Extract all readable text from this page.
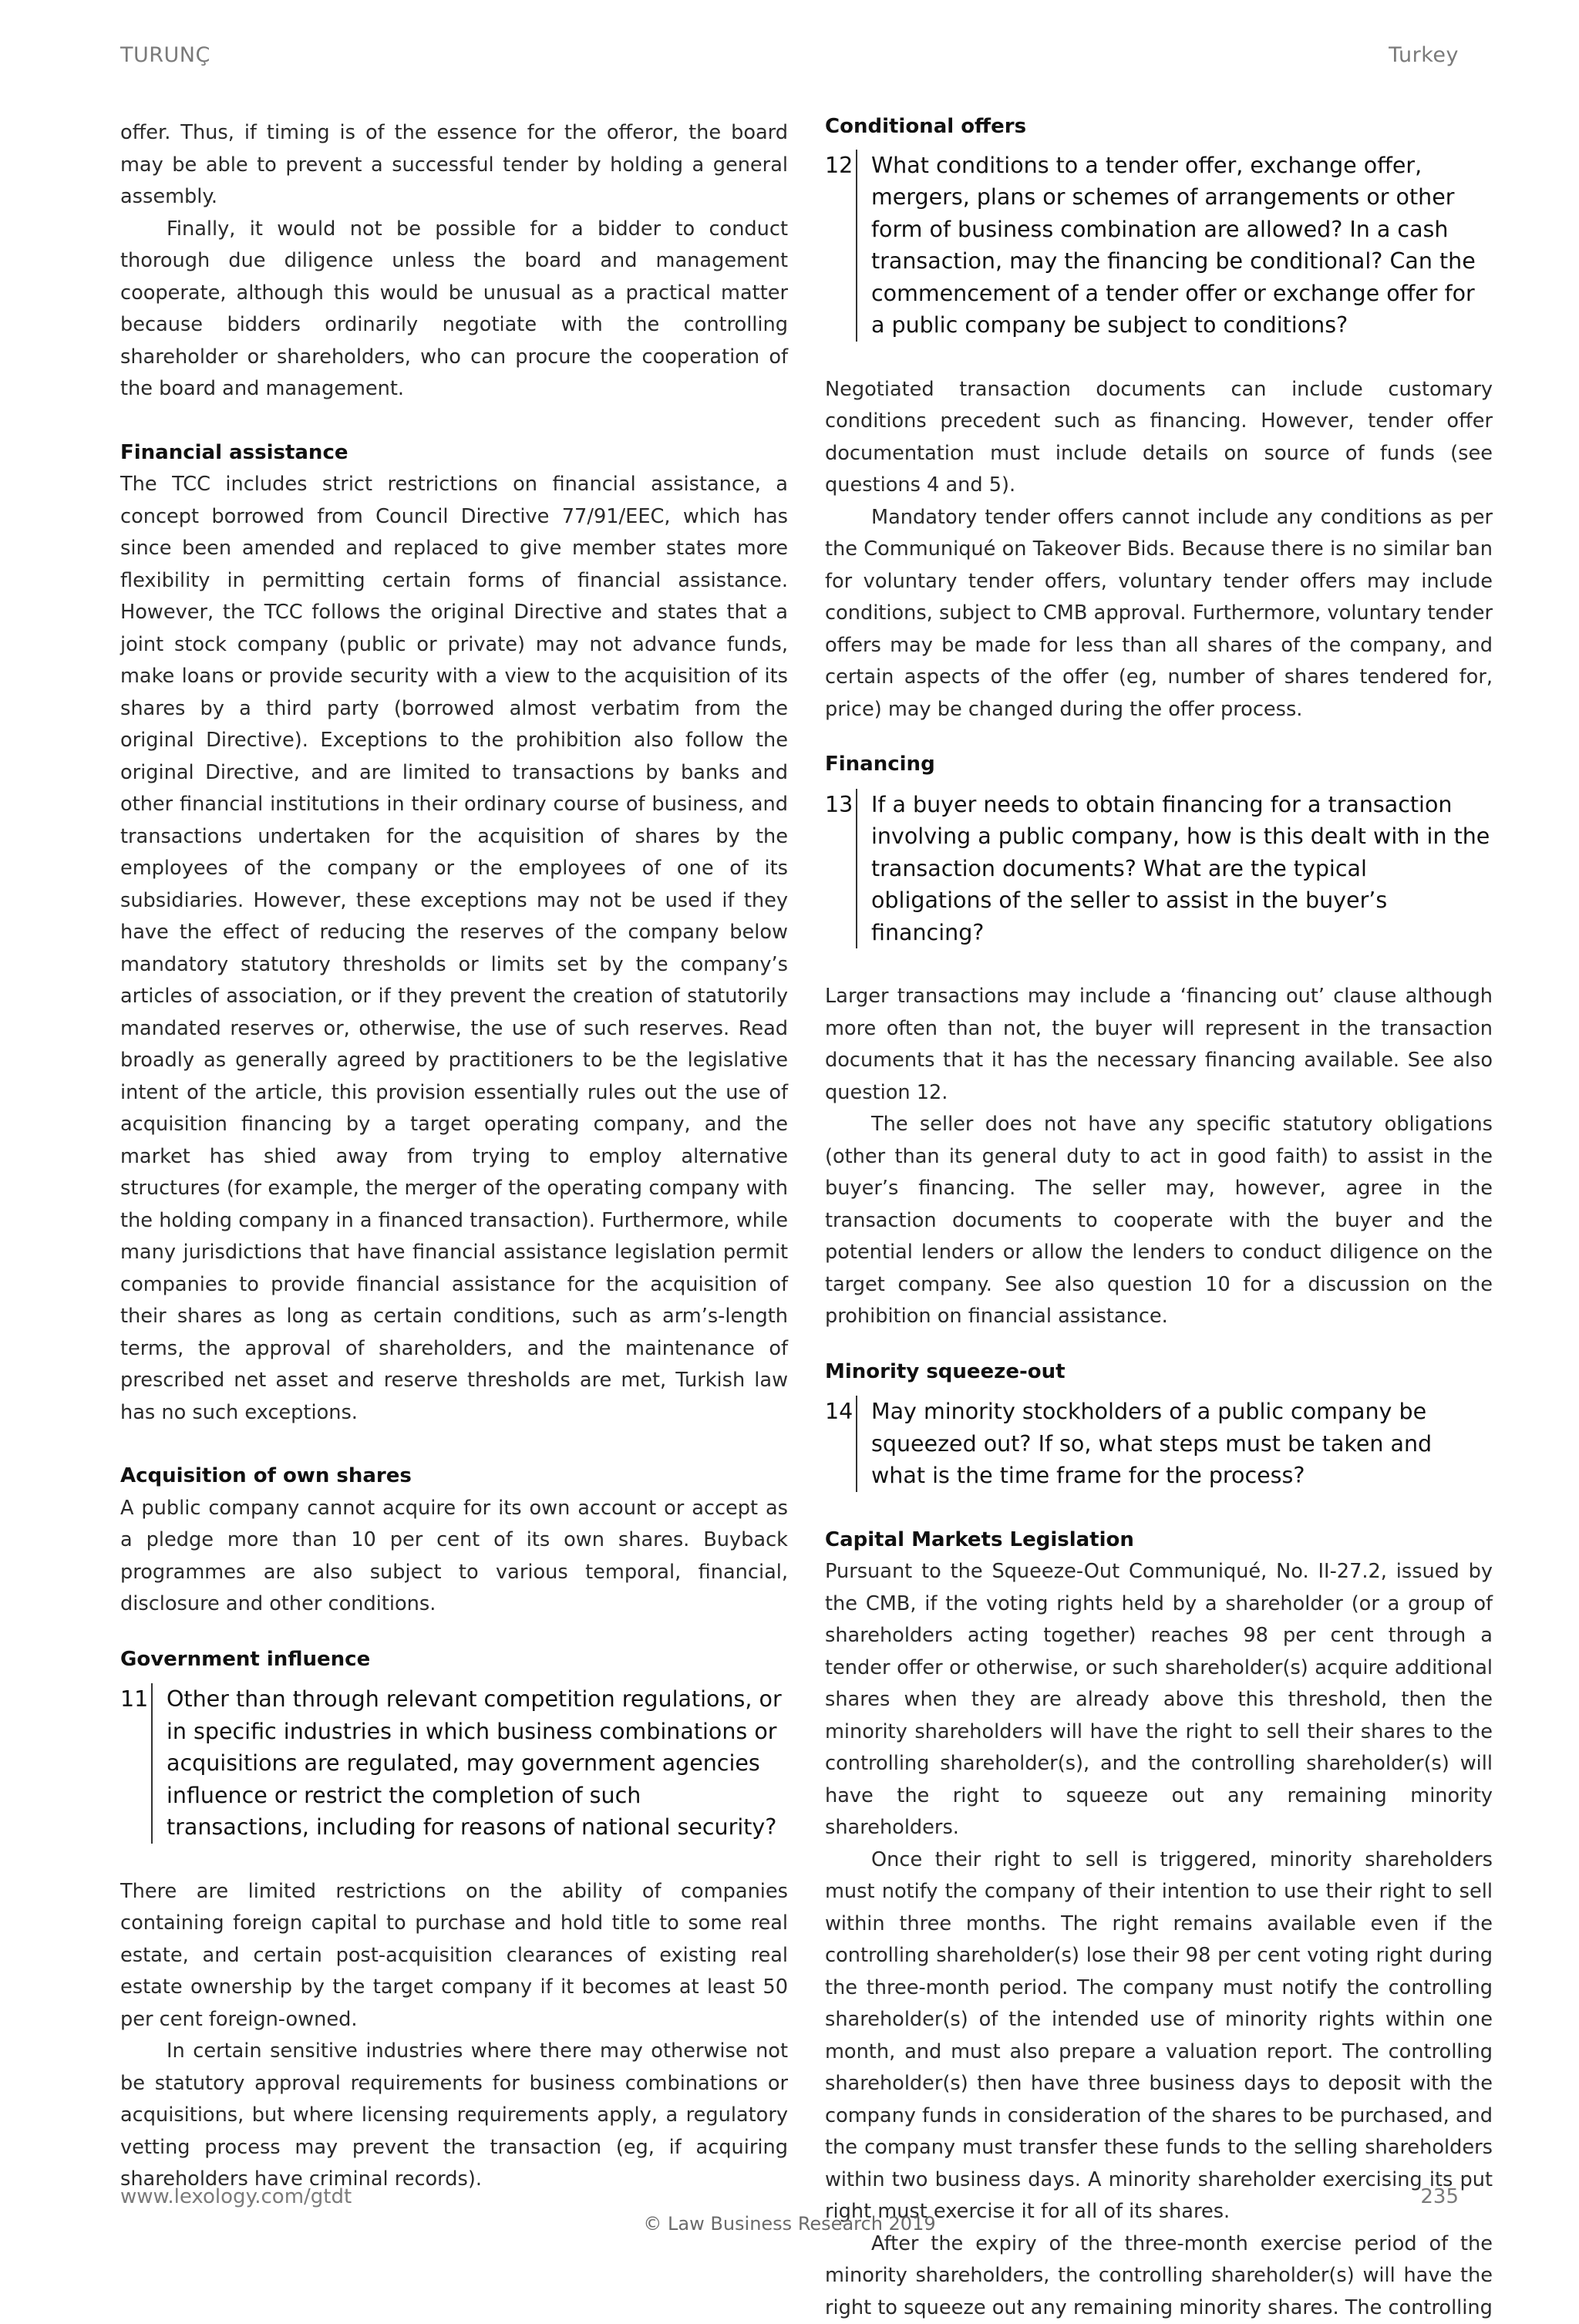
TURUNÇ	Turkey

offer. Thus, if timing is of the essence for the offeror, the board may be able to prevent a successful tender by holding a general assembly.

Finally, it would not be possible for a bidder to conduct thorough due diligence unless the board and management cooperate, although this would be unusual as a practical matter because bidders ordinarily negotiate with the controlling shareholder or shareholders, who can procure the cooperation of the board and management.

Financial assistance

The TCC includes strict restrictions on financial assistance, a concept borrowed from Council Directive 77/91/EEC, which has since been amended and replaced to give member states more flexibility in permitting certain forms of financial assistance. However, the TCC follows the original Directive and states that a joint stock company (public or private) may not advance funds, make loans or provide security with a view to the acquisition of its shares by a third party (borrowed almost verbatim from the original Directive). Exceptions to the prohibition also follow the original Directive, and are limited to transactions by banks and other financial institutions in their ordinary course of business, and transactions undertaken for the acquisition of shares by the employees of the company or the employees of one of its subsidiaries. However, these exceptions may not be used if they have the effect of reducing the reserves of the company below mandatory statutory thresholds or limits set by the company’s articles of association, or if they prevent the creation of statutorily mandated reserves or, otherwise, the use of such reserves. Read broadly as generally agreed by practitioners to be the legislative intent of the article, this provision essentially rules out the use of acquisition financing by a target operating company, and the market has shied away from trying to employ alternative structures (for example, the merger of the operating company with the holding company in a financed transaction). Furthermore, while many jurisdictions that have financial assistance legislation permit companies to provide financial assistance for the acquisition of their shares as long as certain conditions, such as arm’s-length terms, the approval of shareholders, and the maintenance of prescribed net asset and reserve thresholds are met, Turkish law has no such exceptions.

Acquisition of own shares

A public company cannot acquire for its own account or accept as a pledge more than 10 per cent of its own shares. Buyback programmes are also subject to various temporal, financial, disclosure and other conditions.

Government influence
11 Other than through relevant competition regulations, or in specific industries in which business combinations or acquisitions are regulated, may government agencies influence or restrict the completion of such transactions, including for reasons of national security?

There are limited restrictions on the ability of companies containing foreign capital to purchase and hold title to some real estate, and certain post-acquisition clearances of existing real estate ownership by the target company if it becomes at least 50 per cent foreign-owned.

In certain sensitive industries where there may otherwise not be statutory approval requirements for business combinations or acquisitions, but where licensing requirements apply, a regulatory vetting process may prevent the transaction (eg, if acquiring shareholders have criminal records).

Conditional offers
12 What conditions to a tender offer, exchange offer, mergers, plans or schemes of arrangements or other form of business combination are allowed? In a cash transaction, may the financing be conditional? Can the commencement of a tender offer or exchange offer for a public company be subject to conditions?

Negotiated transaction documents can include customary conditions precedent such as financing. However, tender offer documentation must include details on source of funds (see questions 4 and 5).

Mandatory tender offers cannot include any conditions as per the Communiqué on Takeover Bids. Because there is no similar ban for voluntary tender offers, voluntary tender offers may include conditions, subject to CMB approval. Furthermore, voluntary tender offers may be made for less than all shares of the company, and certain aspects of the offer (eg, number of shares tendered for, price) may be changed during the offer process.

Financing
13 If a buyer needs to obtain financing for a transaction involving a public company, how is this dealt with in the transaction documents? What are the typical obligations of the seller to assist in the buyer’s financing?

Larger transactions may include a ‘financing out’ clause although more often than not, the buyer will represent in the transaction documents that it has the necessary financing available. See also question 12.

The seller does not have any specific statutory obligations (other than its general duty to act in good faith) to assist in the buyer’s financing. The seller may, however, agree in the transaction documents to cooperate with the buyer and the potential lenders or allow the lenders to conduct diligence on the target company. See also question 10 for a discussion on the prohibition on financial assistance.

Minority squeeze-out
14 May minority stockholders of a public company be squeezed out? If so, what steps must be taken and what is the time frame for the process?
Capital Markets Legislation

Pursuant to the Squeeze-Out Communiqué, No. II-27.2, issued by the CMB, if the voting rights held by a shareholder (or a group of shareholders acting together) reaches 98 per cent through a tender offer or otherwise, or such shareholder(s) acquire additional shares when they are already above this threshold, then the minority shareholders will have the right to sell their shares to the controlling shareholder(s), and the controlling shareholder(s) will have the right to squeeze out any remaining minority shareholders.

Once their right to sell is triggered, minority shareholders must notify the company of their intention to use their right to sell within three months. The right remains available even if the controlling shareholder(s) lose their 98 per cent voting right during the three-month period. The company must notify the controlling shareholder(s) of the intended use of minority rights within one month, and must also prepare a valuation report. The controlling shareholder(s) then have three business days to deposit with the company funds in consideration of the shares to be purchased, and the company must transfer these funds to the selling shareholders within two business days. A minority shareholder exercising its put right must exercise it for all of its shares.

After the expiry of the three-month exercise period of the minority shareholders, the controlling shareholder(s) will have the right to squeeze out any remaining minority shares. The controlling

www.lexology.com/gtdt	235
© Law Business Research 2019
